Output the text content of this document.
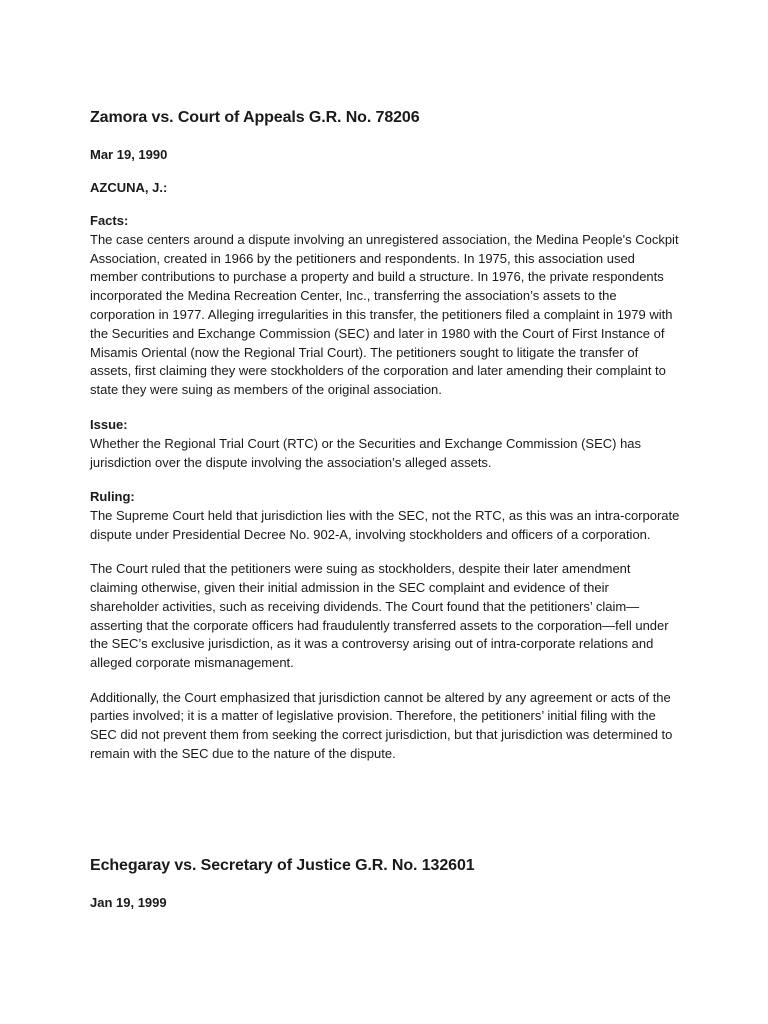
Zamora vs. Court of Appeals G.R. No. 78206
Mar 19, 1990
AZCUNA, J.:
Facts:

The case centers around a dispute involving an unregistered association, the Medina People's Cockpit Association, created in 1966 by the petitioners and respondents. In 1975, this association used member contributions to purchase a property and build a structure. In 1976, the private respondents incorporated the Medina Recreation Center, Inc., transferring the association’s assets to the corporation in 1977. Alleging irregularities in this transfer, the petitioners filed a complaint in 1979 with the Securities and Exchange Commission (SEC) and later in 1980 with the Court of First Instance of Misamis Oriental (now the Regional Trial Court). The petitioners sought to litigate the transfer of assets, first claiming they were stockholders of the corporation and later amending their complaint to state they were suing as members of the original association.

Issue:

Whether the Regional Trial Court (RTC) or the Securities and Exchange Commission (SEC) has jurisdiction over the dispute involving the association’s alleged assets.

Ruling:

The Supreme Court held that jurisdiction lies with the SEC, not the RTC, as this was an intra-corporate dispute under Presidential Decree No. 902-A, involving stockholders and officers of a corporation.

The Court ruled that the petitioners were suing as stockholders, despite their later amendment claiming otherwise, given their initial admission in the SEC complaint and evidence of their shareholder activities, such as receiving dividends. The Court found that the petitioners’ claim—asserting that the corporate officers had fraudulently transferred assets to the corporation—fell under the SEC’s exclusive jurisdiction, as it was a controversy arising out of intra-corporate relations and alleged corporate mismanagement.

Additionally, the Court emphasized that jurisdiction cannot be altered by any agreement or acts of the parties involved; it is a matter of legislative provision. Therefore, the petitioners’ initial filing with the SEC did not prevent them from seeking the correct jurisdiction, but that jurisdiction was determined to remain with the SEC due to the nature of the dispute.

Echegaray vs. Secretary of Justice G.R. No. 132601
Jan 19, 1999
